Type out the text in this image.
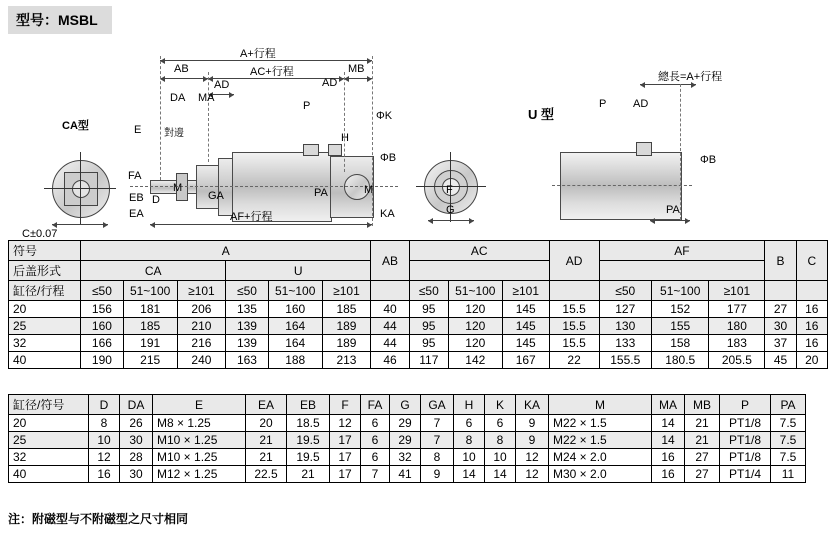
型号：MSBL
CA型
C±0.07
A+行程
AB	AC+行程	MB
AD	AD
DA MA
P
ΦK
E 對邊
ΦB
H
FA
M
GA	PA	M
EB D
EA	AF+行程	KA
F
G
U 型
總長=A+行程
P AD
ΦB
PA
符号	A						AB	AC			AD	AF			B	C
后盖形式	CA			U												
缸径/行程	≤50	51~100	≥101	≤50	51~100	≥101		≤50	51~100	≥101		≤50	51~100	≥101		
20	156	181	206	135	160	185	40	95	120	145	15.5	127	152	177	27	16
25	160	185	210	139	164	189	44	95	120	145	15.5	130	155	180	30	16
32	166	191	216	139	164	189	44	95	120	145	15.5	133	158	183	37	16
40	190	215	240	163	188	213	46	117	142	167	22	155.5	180.5	205.5	45	20
缸径/符号	D	DA	E	EA	EB	F	FA	G	GA	H	K	KA	M	MA	MB	P	PA
20	8	26	M8 × 1.25	20	18.5	12	6	29	7	6	6	9	M22 × 1.5	14	21	PT1/8	7.5
25	10	30	M10 × 1.25	21	19.5	17	6	29	7	8	8	9	M22 × 1.5	14	21	PT1/8	7.5
32	12	28	M10 × 1.25	21	19.5	17	6	32	8	10	10	12	M24 × 2.0	16	27	PT1/8	7.5
40	16	30	M12 × 1.25	22.5	21	17	7	41	9	14	14	12	M30 × 2.0	16	27	PT1/4	11
注：附磁型与不附磁型之尺寸相同
